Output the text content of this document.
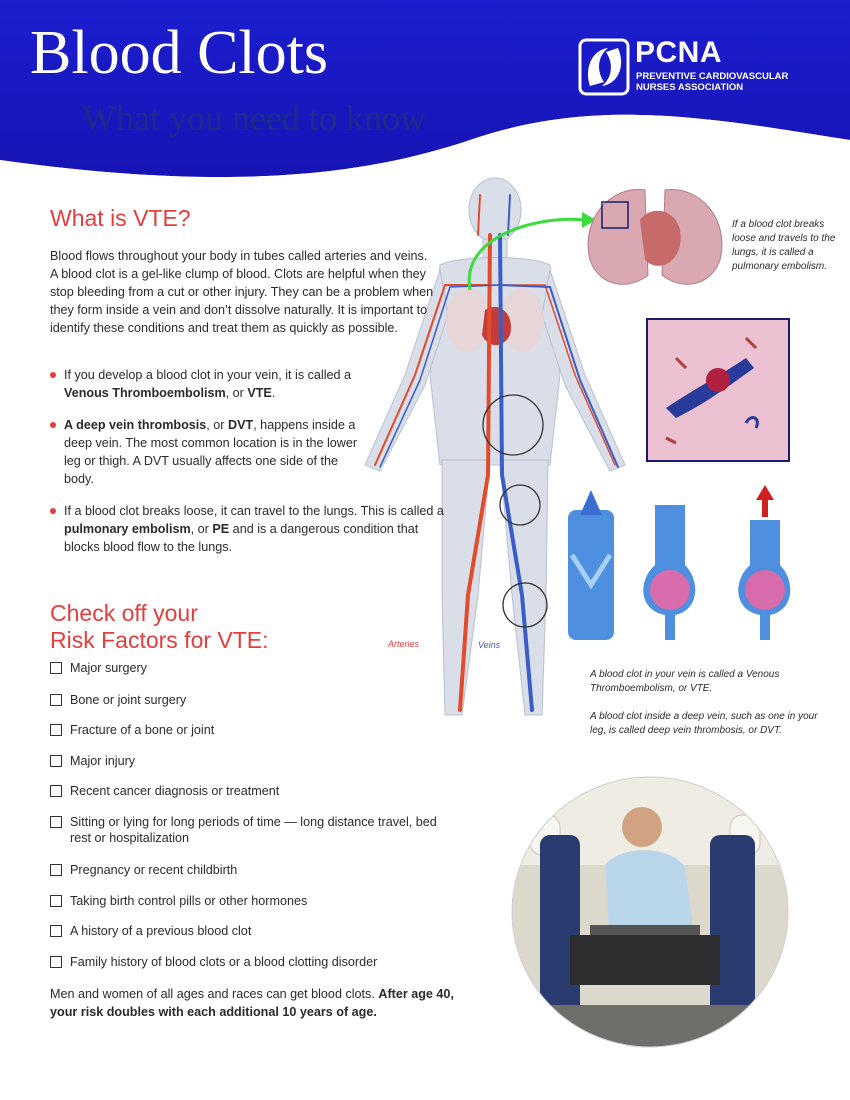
Blood Clots
What you need to know
PCNA
PREVENTIVE CARDIOVASCULAR NURSES ASSOCIATION
Arteries	Veins
If a blood clot breaks loose and travels to the lungs, it is called a pulmonary embolism.
A blood clot in your vein is called a Venous Thromboembolism, or VTE.
A blood clot inside a deep vein, such as one in your leg, is called deep vein thrombosis, or DVT.
What is VTE?
Blood flows throughout your body in tubes called arteries and veins. A blood clot is a gel-like clump of blood. Clots are helpful when they stop bleeding from a cut or other injury. They can be a problem when they form inside a vein and don’t dissolve naturally. It is important to identify these conditions and treat them as quickly as possible.
If you develop a blood clot in your vein, it is called a Venous Thromboembolism, or VTE.
A deep vein thrombosis, or DVT, happens inside a deep vein. The most common location is in the lower leg or thigh. A DVT usually affects one side of the body.
If a blood clot breaks loose, it can travel to the lungs. This is called a pulmonary embolism, or PE and is a dangerous condition that blocks blood flow to the lungs.
Check off your
Risk Factors for VTE:
Major surgery
Bone or joint surgery
Fracture of a bone or joint
Major injury
Recent cancer diagnosis or treatment
Sitting or lying for long periods of time — long distance travel, bed rest or hospitalization
Pregnancy or recent childbirth
Taking birth control pills or other hormones
A history of a previous blood clot
Family history of blood clots or a blood clotting disorder
Men and women of all ages and races can get blood clots. After age 40, your risk doubles with each additional 10 years of age.
